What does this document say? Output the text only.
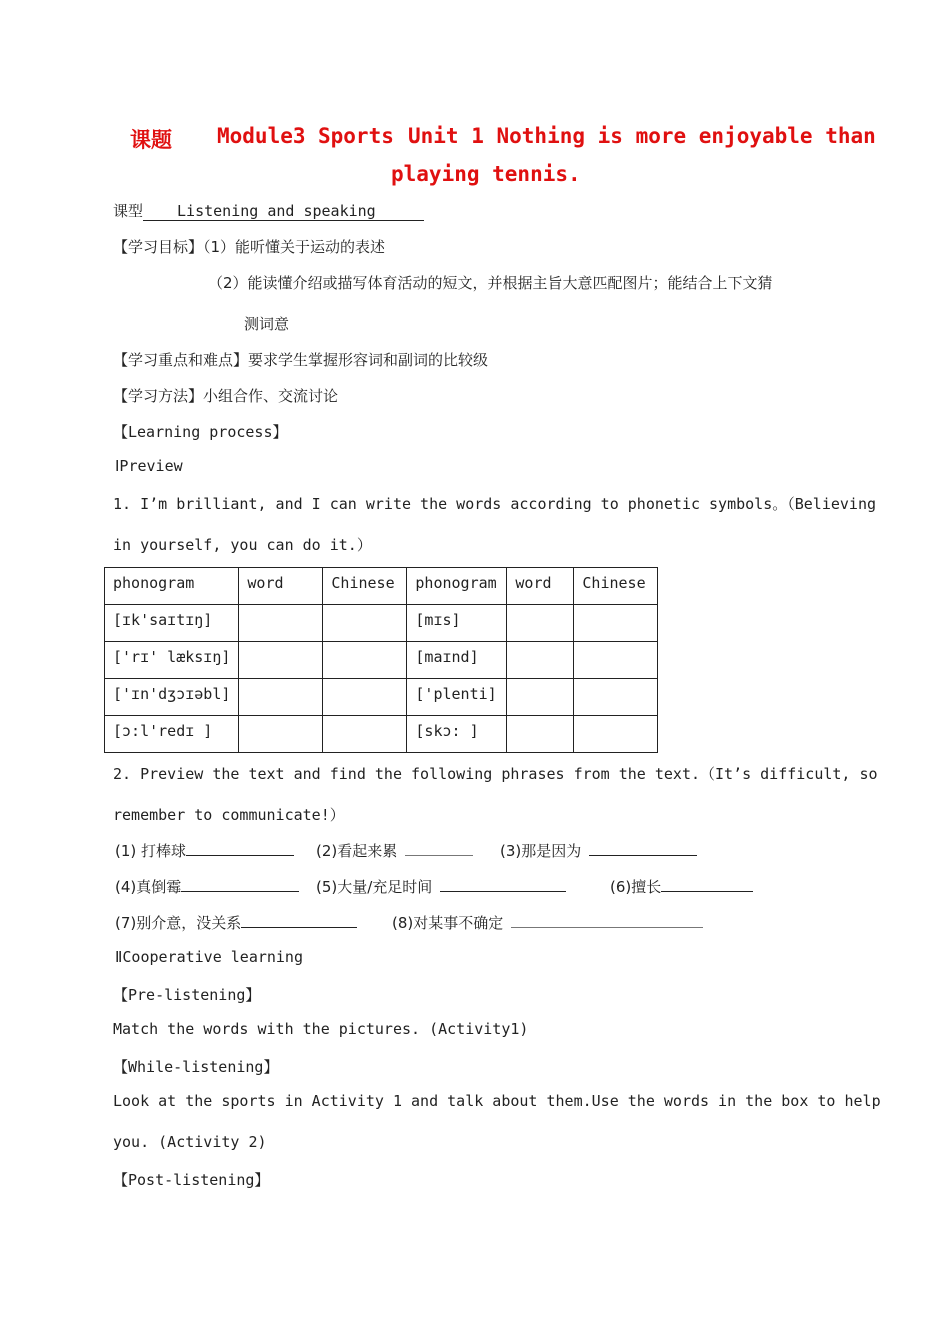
课题 Module3 Sports Unit 1 Nothing is more enjoyable than
playing tennis.
课型 Listening and speaking
【学习目标】（1）能听懂关于运动的表述
（2）能读懂介绍或描写体育活动的短文，并根据主旨大意匹配图片；能结合上下文猜
测词意
【学习重点和难点】要求学生掌握形容词和副词的比较级
【学习方法】小组合作、交流讨论
【Learning process】
ⅠPreview
1. I’m brilliant, and I can write the words according to phonetic symbols。（Believing
in yourself, you can do it.）
phonogram	word	Chinese	phonogram	word	Chinese
[ɪk'saɪtɪŋ]			[mɪs]		
['rɪ' læksɪŋ]			[maɪnd]		
['ɪn'dʒɔɪəbl]			['plenti]		
[ɔ:l'redɪ ]			[skɔ: ]		
2. Preview the text and find the following phrases from the text.（It’s difficult, so
remember to communicate!）
(1) 打棒球	(2)看起来累	(3)那是因为
(4)真倒霉	(5)大量/充足时间	(6)擅长
(7)别介意，没关系	(8)对某事不确定
ⅡCooperative learning
【Pre-listening】
Match the words with the pictures. (Activity1)
【While-listening】
Look at the sports in Activity 1 and talk about them.Use the words in the box to help
you. (Activity 2)
【Post-listening】
